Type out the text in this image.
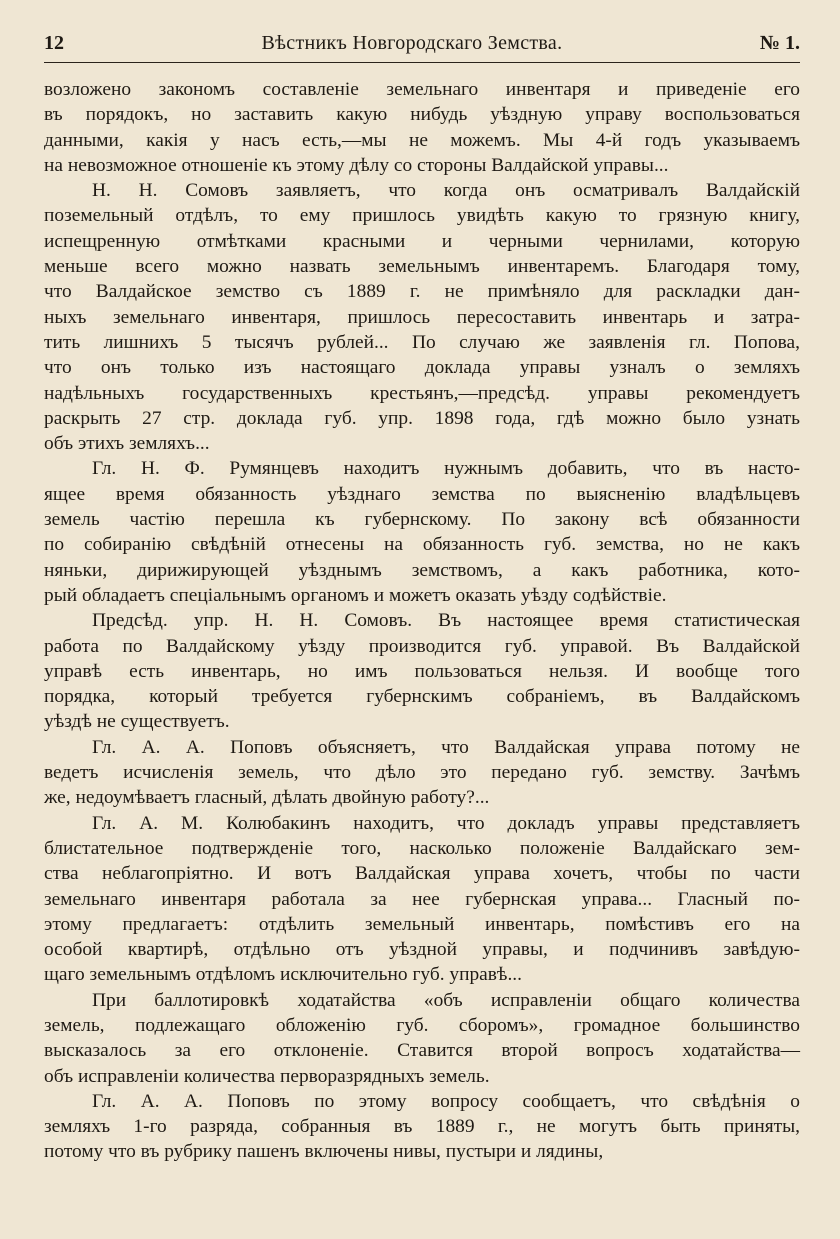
12	Вѣстникъ Новгородскаго Земства.	№ 1.

возложено закономъ составленіе земельнаго инвентаря и приведеніе его
въ порядокъ, но заставить какую нибудь уѣздную управу воспользоваться
данными, какія у насъ есть,—мы не можемъ. Мы 4-й годъ указываемъ
на невозможное отношеніе къ этому дѣлу со стороны Валдайской управы...

Н. Н. Сомовъ заявляетъ, что когда онъ осматривалъ Валдайскій
поземельный отдѣлъ, то ему пришлось увидѣть какую то грязную книгу,
испещренную отмѣтками красными и черными чернилами, которую
меньше всего можно назвать земельнымъ инвентаремъ. Благодаря тому,
что Валдайское земство съ 1889 г. не примѣняло для раскладки дан-
ныхъ земельнаго инвентаря, пришлось пересоставить инвентарь и затра-
тить лишнихъ 5 тысячъ рублей... По случаю же заявленія гл. Попова,
что онъ только изъ настоящаго доклада управы узналъ о земляхъ
надѣльныхъ государственныхъ крестьянъ,—предсѣд. управы рекомендуетъ
раскрыть 27 стр. доклада губ. упр. 1898 года, гдѣ можно было узнать
объ этихъ земляхъ...

Гл. Н. Ф. Румянцевъ находитъ нужнымъ добавить, что въ насто-
ящее время обязанность уѣзднаго земства по выясненію владѣльцевъ
земель частію перешла къ губернскому. По закону всѣ обязанности
по собиранію свѣдѣній отнесены на обязанность губ. земства, но не какъ
няньки, дирижирующей уѣзднымъ земствомъ, а какъ работника, кото-
рый обладаетъ спеціальнымъ органомъ и можетъ оказать уѣзду содѣйствіе.

Предсѣд. упр. Н. Н. Сомовъ. Въ настоящее время статистическая
работа по Валдайскому уѣзду производится губ. управой. Въ Валдайской
управѣ есть инвентарь, но имъ пользоваться нельзя. И вообще того
порядка, который требуется губернскимъ собраніемъ, въ Валдайскомъ
уѣздѣ не существуетъ.

Гл. А. А. Поповъ объясняетъ, что Валдайская управа потому не
ведетъ исчисленія земель, что дѣло это передано губ. земству. Зачѣмъ
же, недоумѣваетъ гласный, дѣлать двойную работу?...

Гл. А. М. Колюбакинъ находитъ, что докладъ управы представляетъ
блистательное подтвержденіе того, насколько положеніе Валдайскаго зем-
ства неблагопріятно. И вотъ Валдайская управа хочетъ, чтобы по части
земельнаго инвентаря работала за нее губернская управа... Гласный по-
этому предлагаетъ: отдѣлить земельный инвентарь, помѣстивъ его на
особой квартирѣ, отдѣльно отъ уѣздной управы, и подчинивъ завѣдую-
щаго земельнымъ отдѣломъ исключительно губ. управѣ...

При баллотировкѣ ходатайства «объ исправленіи общаго количества
земель, подлежащаго обложенію губ. сборомъ», громадное большинство
высказалось за его отклоненіе. Ставится второй вопросъ ходатайства—
объ исправленіи количества перворазрядныхъ земель.

Гл. А. А. Поповъ по этому вопросу сообщаетъ, что свѣдѣнія о
земляхъ 1-го разряда, собранныя въ 1889 г., не могутъ быть приняты,
потому что въ рубрику пашенъ включены нивы, пустыри и лядины,
